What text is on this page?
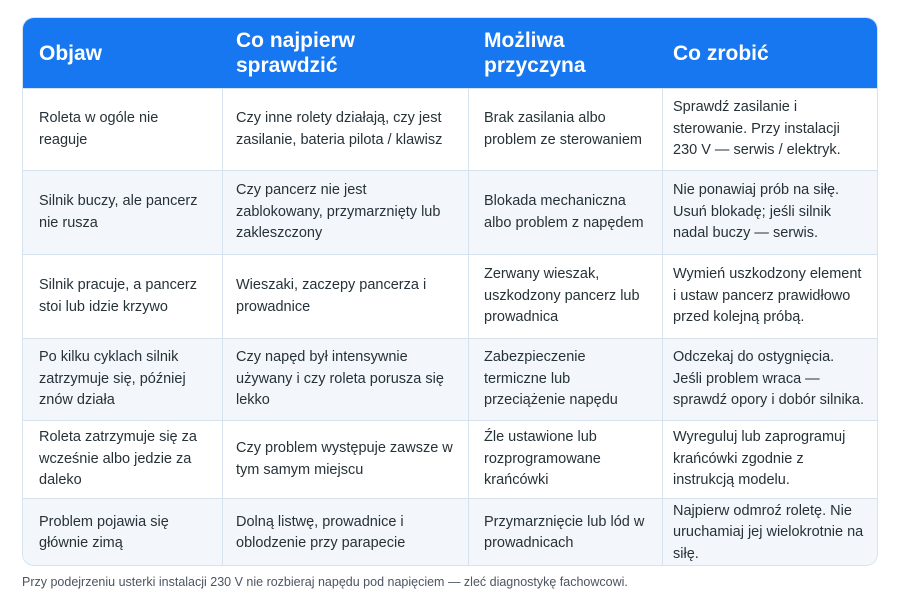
Objaw
Co najpierw sprawdzić
Możliwa przyczyna
Co zrobić
Roleta w ogóle nie reaguje
Czy inne rolety działają, czy jest zasilanie, bateria pilota / klawisz
Brak zasilania albo problem ze sterowaniem
Sprawdź zasilanie i sterowanie. Przy instalacji 230 V — serwis / elektryk.
Silnik buczy, ale pancerz nie rusza
Czy pancerz nie jest zablokowany, przymarznięty lub zakleszczony
Blokada mechaniczna albo problem z napędem
Nie ponawiaj prób na siłę. Usuń blokadę; jeśli silnik nadal buczy — serwis.
Silnik pracuje, a pancerz stoi lub idzie krzywo
Wieszaki, zaczepy pancerza i prowadnice
Zerwany wieszak, uszkodzony pancerz lub prowadnica
Wymień uszkodzony element i ustaw pancerz prawidłowo przed kolejną próbą.
Po kilku cyklach silnik zatrzymuje się, później znów działa
Czy napęd był intensywnie używany i czy roleta porusza się lekko
Zabezpieczenie termiczne lub przeciążenie napędu
Odczekaj do ostygnięcia. Jeśli problem wraca — sprawdź opory i dobór silnika.
Roleta zatrzymuje się za wcześnie albo jedzie za daleko
Czy problem występuje zawsze w tym samym miejscu
Źle ustawione lub rozprogramowane krańcówki
Wyreguluj lub zaprogramuj krańcówki zgodnie z instrukcją modelu.
Problem pojawia się głównie zimą
Dolną listwę, prowadnice i oblodzenie przy parapecie
Przymarznięcie lub lód w prowadnicach
Najpierw odmroź roletę. Nie uruchamiaj jej wielokrotnie na siłę.
Przy podejrzeniu usterki instalacji 230 V nie rozbieraj napędu pod napięciem — zleć diagnostykę fachowcowi.
